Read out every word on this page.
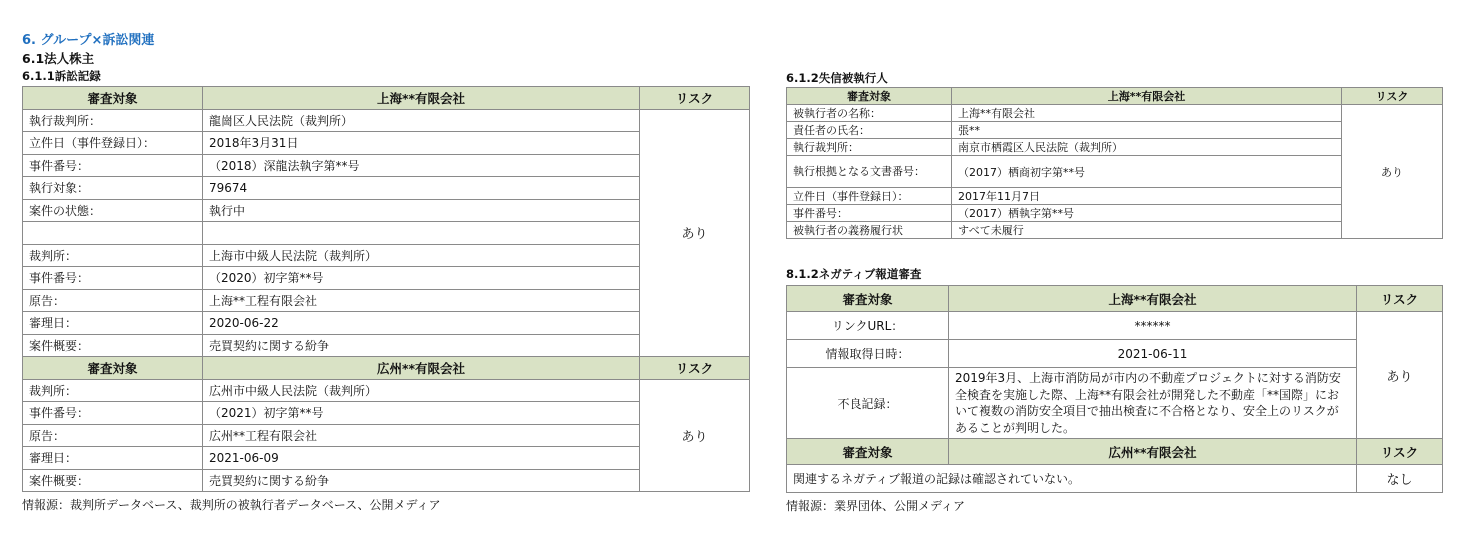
6. グループ×訴訟関連
6.1法人株主
6.1.1訴訟記録
審査対象	上海**有限会社	リスク
執行裁判所：	龍崗区人民法院（裁判所）	あり
立件日（事件登録日）：	2018年3月31日	
事件番号：	（2018）深龍法執字第**号	
執行対象：	79674	
案件の状態：	執行中	

裁判所：	上海市中級人民法院（裁判所）	
事件番号：	（2020）初字第**号	
原告：	上海**工程有限会社	
審理日：	2020-06-22	
案件概要：	売買契約に関する紛争	
審査対象	広州**有限会社	リスク
裁判所：	広州市中級人民法院（裁判所）	あり
事件番号：	（2021）初字第**号	
原告：	広州**工程有限会社	
審理日：	2021-06-09	
案件概要：	売買契約に関する紛争	
情報源：裁判所データベース、裁判所の被執行者データベース、公開メディア
6.1.2失信被執行人
審査対象	上海**有限会社	リスク
被執行者の名称：	上海**有限会社	あり
責任者の氏名：	張**	
執行裁判所：	南京市栖霞区人民法院（裁判所）	
執行根拠となる文書番号：	（2017）栖商初字第**号	
立件日（事件登録日）：	2017年11月7日	
事件番号：	（2017）栖執字第**号	
被執行者の義務履行状	すべて未履行	
8.1.2ネガティブ報道審査
審査対象	上海**有限会社	リスク
リンクURL：	******	あり
情報取得日時：	2021-06-11	
不良記録：	2019年3月、上海市消防局が市内の不動産プロジェクトに対する消防安全検査を実施した際、上海**有限会社が開発した不動産「**国際」において複数の消防安全項目で抽出検査に不合格となり、安全上のリスクがあることが判明した。	
審査対象	広州**有限会社	リスク
関連するネガティブ報道の記録は確認されていない。		なし
情報源：業界団体、公開メディア
